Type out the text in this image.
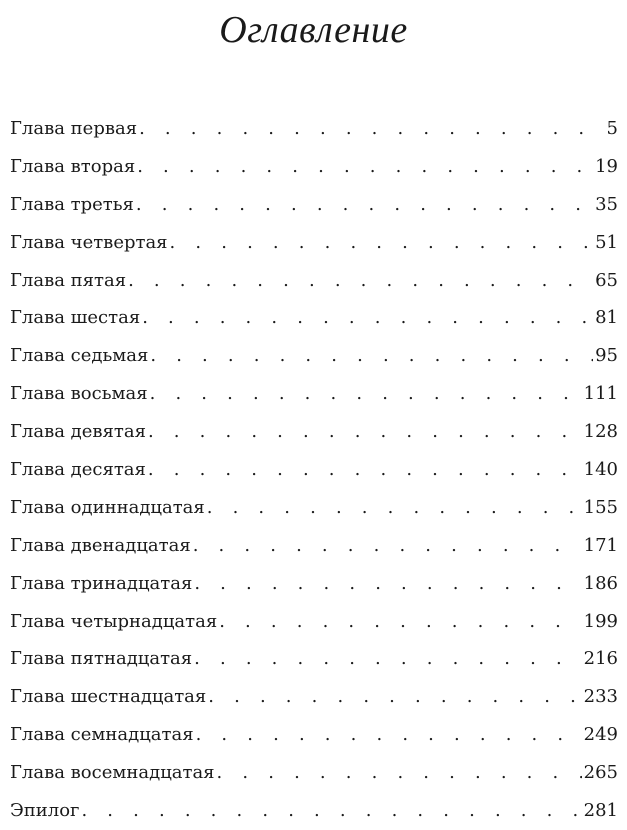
Оглавление
Глава первая . . .	5
Глава вторая . . .	19
Глава третья . . .	35
Глава четвертая . . .	51
Глава пятая . . .	65
Глава шестая . . .	81
Глава седьмая . . .	95
Глава восьмая . . .	111
Глава девятая . . .	128
Глава десятая . . .	140
Глава одиннадцатая . . .	155
Глава двенадцатая . . .	171
Глава тринадцатая . . .	186
Глава четырнадцатая . . .	199
Глава пятнадцатая . . .	216
Глава шестнадцатая . . .	233
Глава семнадцатая . . .	249
Глава восемнадцатая . . .	265
Эпилог . . .	281
